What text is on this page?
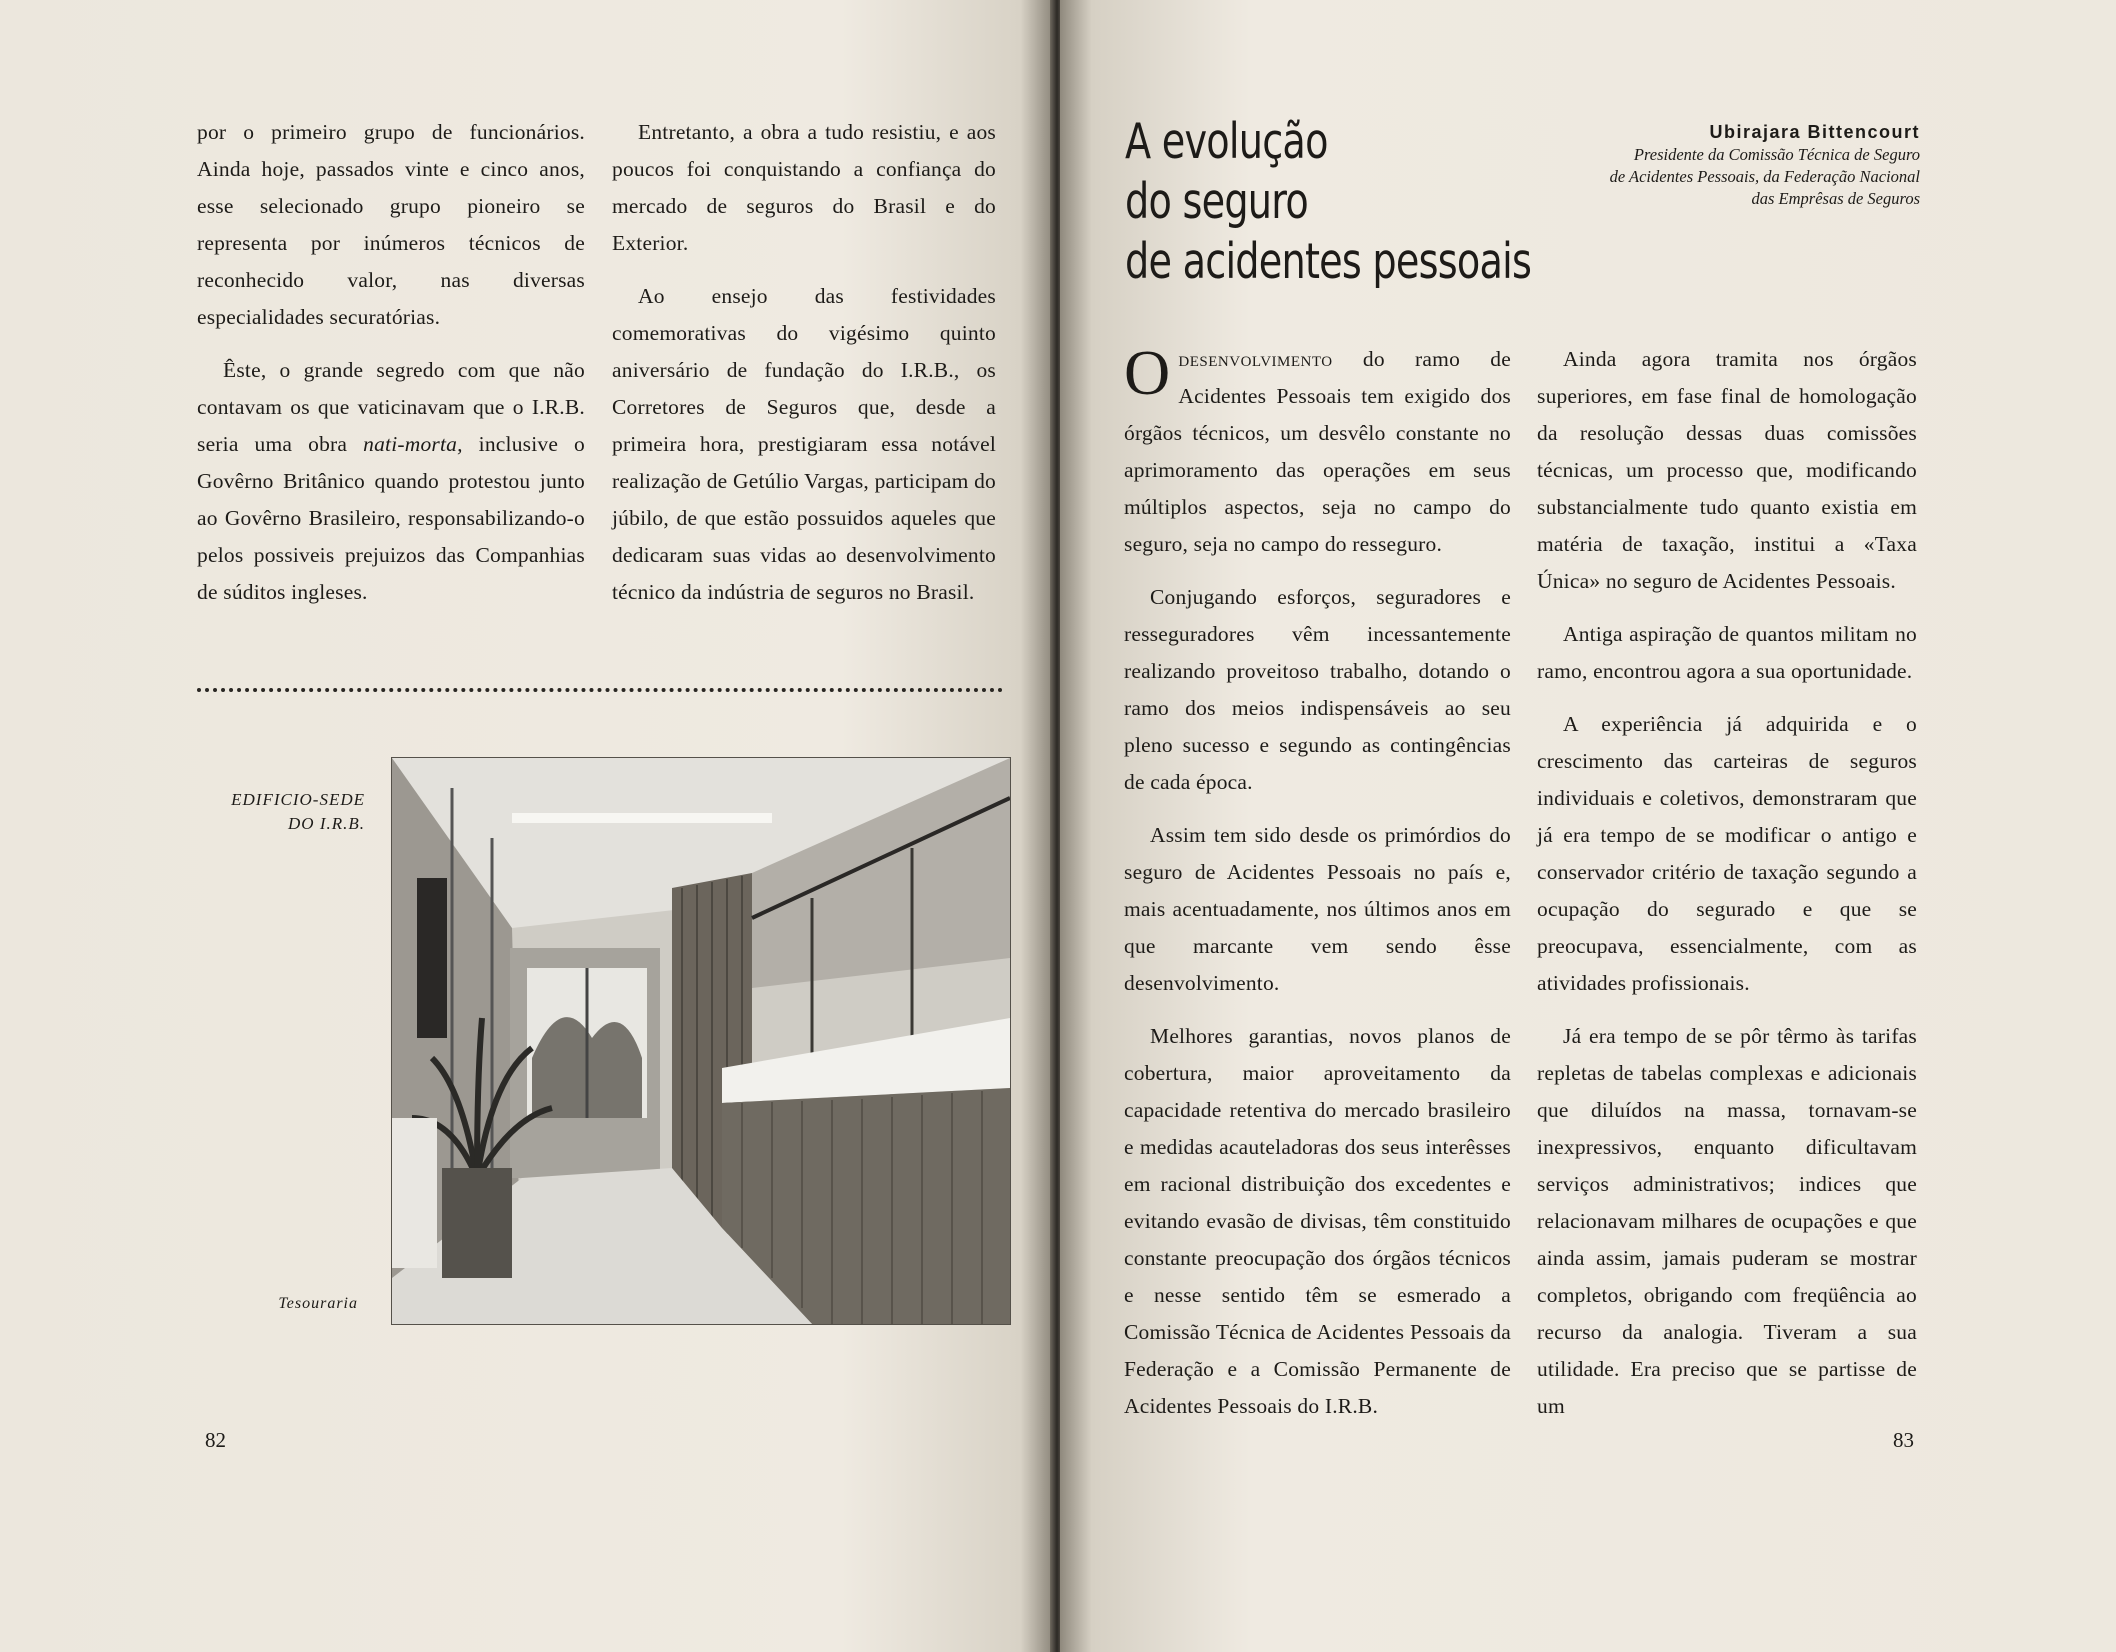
por o primeiro grupo de funcionários. Ainda hoje, passados vinte e cinco anos, esse selecionado grupo pioneiro se representa por inúmeros técnicos de reconhecido valor, nas diversas especialidades securatórias.

Êste, o grande segredo com que não contavam os que vaticinavam que o I.R.B. seria uma obra nati-morta, inclusive o Govêrno Britânico quando protestou junto ao Govêrno Brasileiro, responsabilizando-o pelos possiveis prejuizos das Companhias de súditos ingleses.

Entretanto, a obra a tudo resistiu, e aos poucos foi conquistando a confiança do mercado de seguros do Brasil e do Exterior.

Ao ensejo das festividades comemorativas do vigésimo quinto aniversário de fundação do I.R.B., os Corretores de Seguros que, desde a primeira hora, prestigiaram essa notável realização de Getúlio Vargas, participam do júbilo, de que estão possuidos aqueles que dedicaram suas vidas ao desenvolvimento técnico da indústria de seguros no Brasil.

EDIFICIO-SEDE
DO I.R.B.
Tesouraria
82
A evolução
do seguro
de acidentes pessoais
Ubirajara Bittencourt
Presidente da Comissão Técnica de Seguro
de Acidentes Pessoais, da Federação Nacional
das Emprêsas de Seguros

Odesenvolvimento do ramo de Acidentes Pessoais tem exigido dos órgãos técnicos, um desvêlo constante no aprimoramento das operações em seus múltiplos aspectos, seja no campo do seguro, seja no campo do resseguro.

Conjugando esforços, seguradores e resseguradores vêm incessantemente realizando proveitoso trabalho, dotando o ramo dos meios indispensáveis ao seu pleno sucesso e segundo as contingências de cada época.

Assim tem sido desde os primórdios do seguro de Acidentes Pessoais no país e, mais acentuadamente, nos últimos anos em que marcante vem sendo êsse desenvolvimento.

Melhores garantias, novos planos de cobertura, maior aproveitamento da capacidade retentiva do mercado brasileiro e medidas acauteladoras dos seus interêsses em racional distribuição dos excedentes e evitando evasão de divisas, têm constituido constante preocupação dos órgãos técnicos e nesse sentido têm se esmerado a Comissão Técnica de Acidentes Pessoais da Federação e a Comissão Permanente de Acidentes Pessoais do I.R.B.

Ainda agora tramita nos órgãos superiores, em fase final de homologação da resolução dessas duas comissões técnicas, um processo que, modificando substancialmente tudo quanto existia em matéria de taxação, institui a «Taxa Única» no seguro de Acidentes Pessoais.

Antiga aspiração de quantos militam no ramo, encontrou agora a sua oportunidade.

A experiência já adquirida e o crescimento das carteiras de seguros individuais e coletivos, demonstraram que já era tempo de se modificar o antigo e conservador critério de taxação segundo a ocupação do segurado e que se preocupava, essencialmente, com as atividades profissionais.

Já era tempo de se pôr têrmo às tarifas repletas de tabelas complexas e adicionais que diluídos na massa, tornavam-se inexpressivos, enquanto dificultavam serviços administrativos; indices que relacionavam milhares de ocupações e que ainda assim, jamais puderam se mostrar completos, obrigando com freqüência ao recurso da analogia. Tiveram a sua utilidade. Era preciso que se partisse de um

83
